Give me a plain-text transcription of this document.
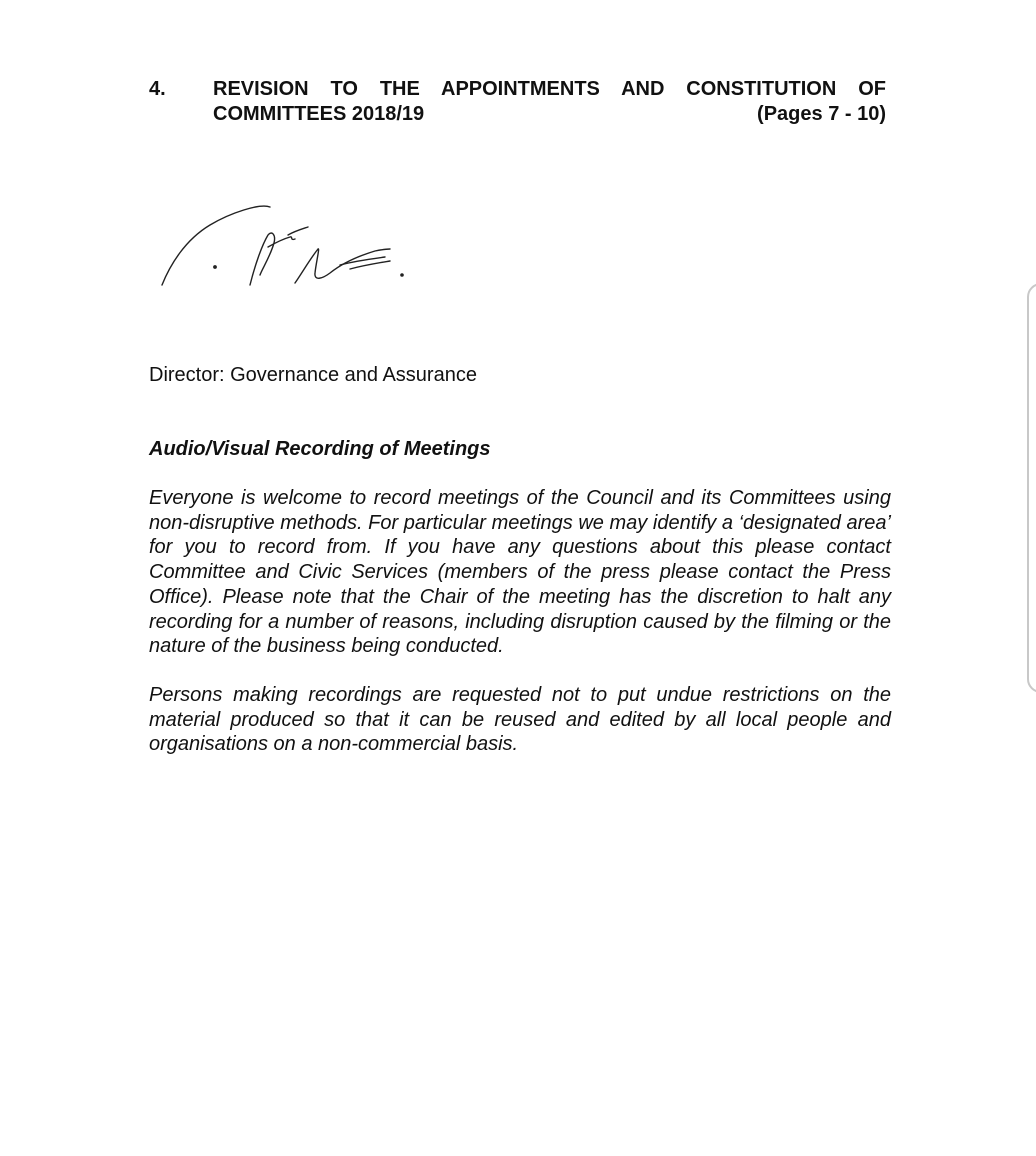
4. REVISION TO THE APPOINTMENTS AND CONSTITUTION OF
COMMITTEES 2018/19	(Pages 7 - 10)
Director: Governance and Assurance
Audio/Visual Recording of Meetings

Everyone is welcome to record meetings of the Council and its Committees using non-disruptive methods. For particular meetings we may identify a ‘designated area’ for you to record from. If you have any questions about this please contact Committee and Civic Services (members of the press please contact the Press Office). Please note that the Chair of the meeting has the discretion to halt any recording for a number of reasons, including disruption caused by the filming or the nature of the business being conducted.

Persons making recordings are requested not to put undue restrictions on the material produced so that it can be reused and edited by all local people and organisations on a non-commercial basis.
